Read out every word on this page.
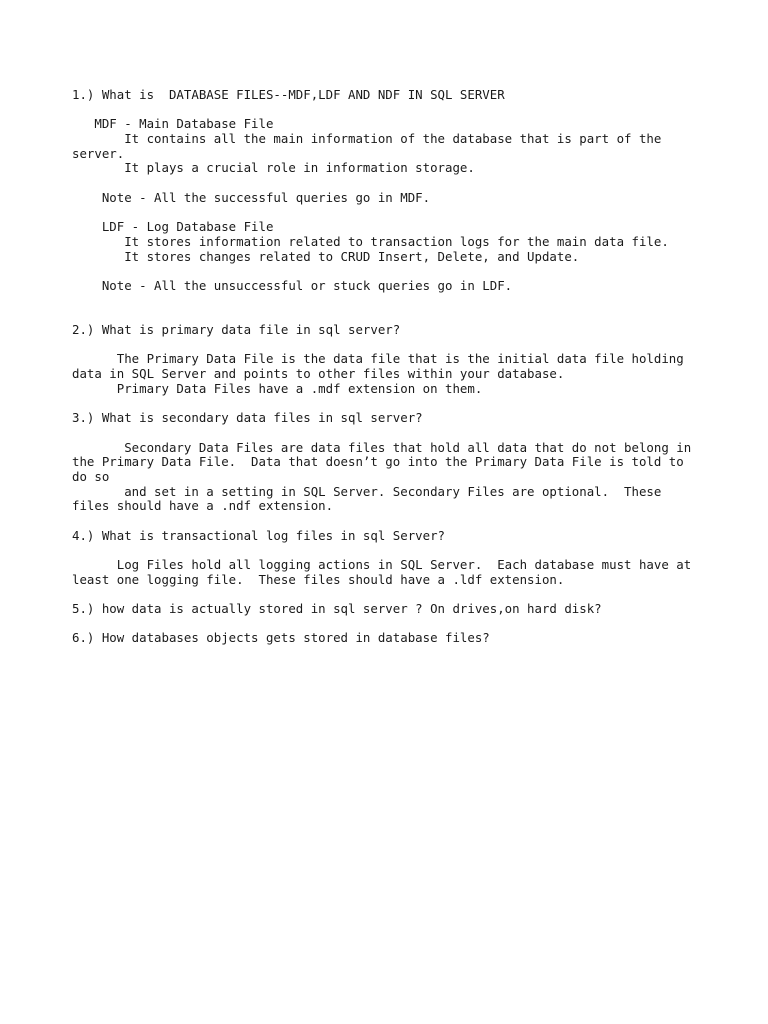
1.) What is  DATABASE FILES--MDF,LDF AND NDF IN SQL SERVER
MDF - Main Database File
It contains all the main information of the database that is part of the
server.
It plays a crucial role in information storage.
Note - All the successful queries go in MDF.
LDF - Log Database File
It stores information related to transaction logs for the main data file.
It stores changes related to CRUD Insert, Delete, and Update.
Note - All the unsuccessful or stuck queries go in LDF.
2.) What is primary data file in sql server?
The Primary Data File is the data file that is the initial data file holding
data in SQL Server and points to other files within your database.
Primary Data Files have a .mdf extension on them.
3.) What is secondary data files in sql server?
Secondary Data Files are data files that hold all data that do not belong in
the Primary Data File.  Data that doesn’t go into the Primary Data File is told to
do so
and set in a setting in SQL Server. Secondary Files are optional.  These
files should have a .ndf extension.
4.) What is transactional log files in sql Server?
Log Files hold all logging actions in SQL Server.  Each database must have at
least one logging file.  These files should have a .ldf extension.
5.) how data is actually stored in sql server ? On drives,on hard disk?
6.) How databases objects gets stored in database files?
